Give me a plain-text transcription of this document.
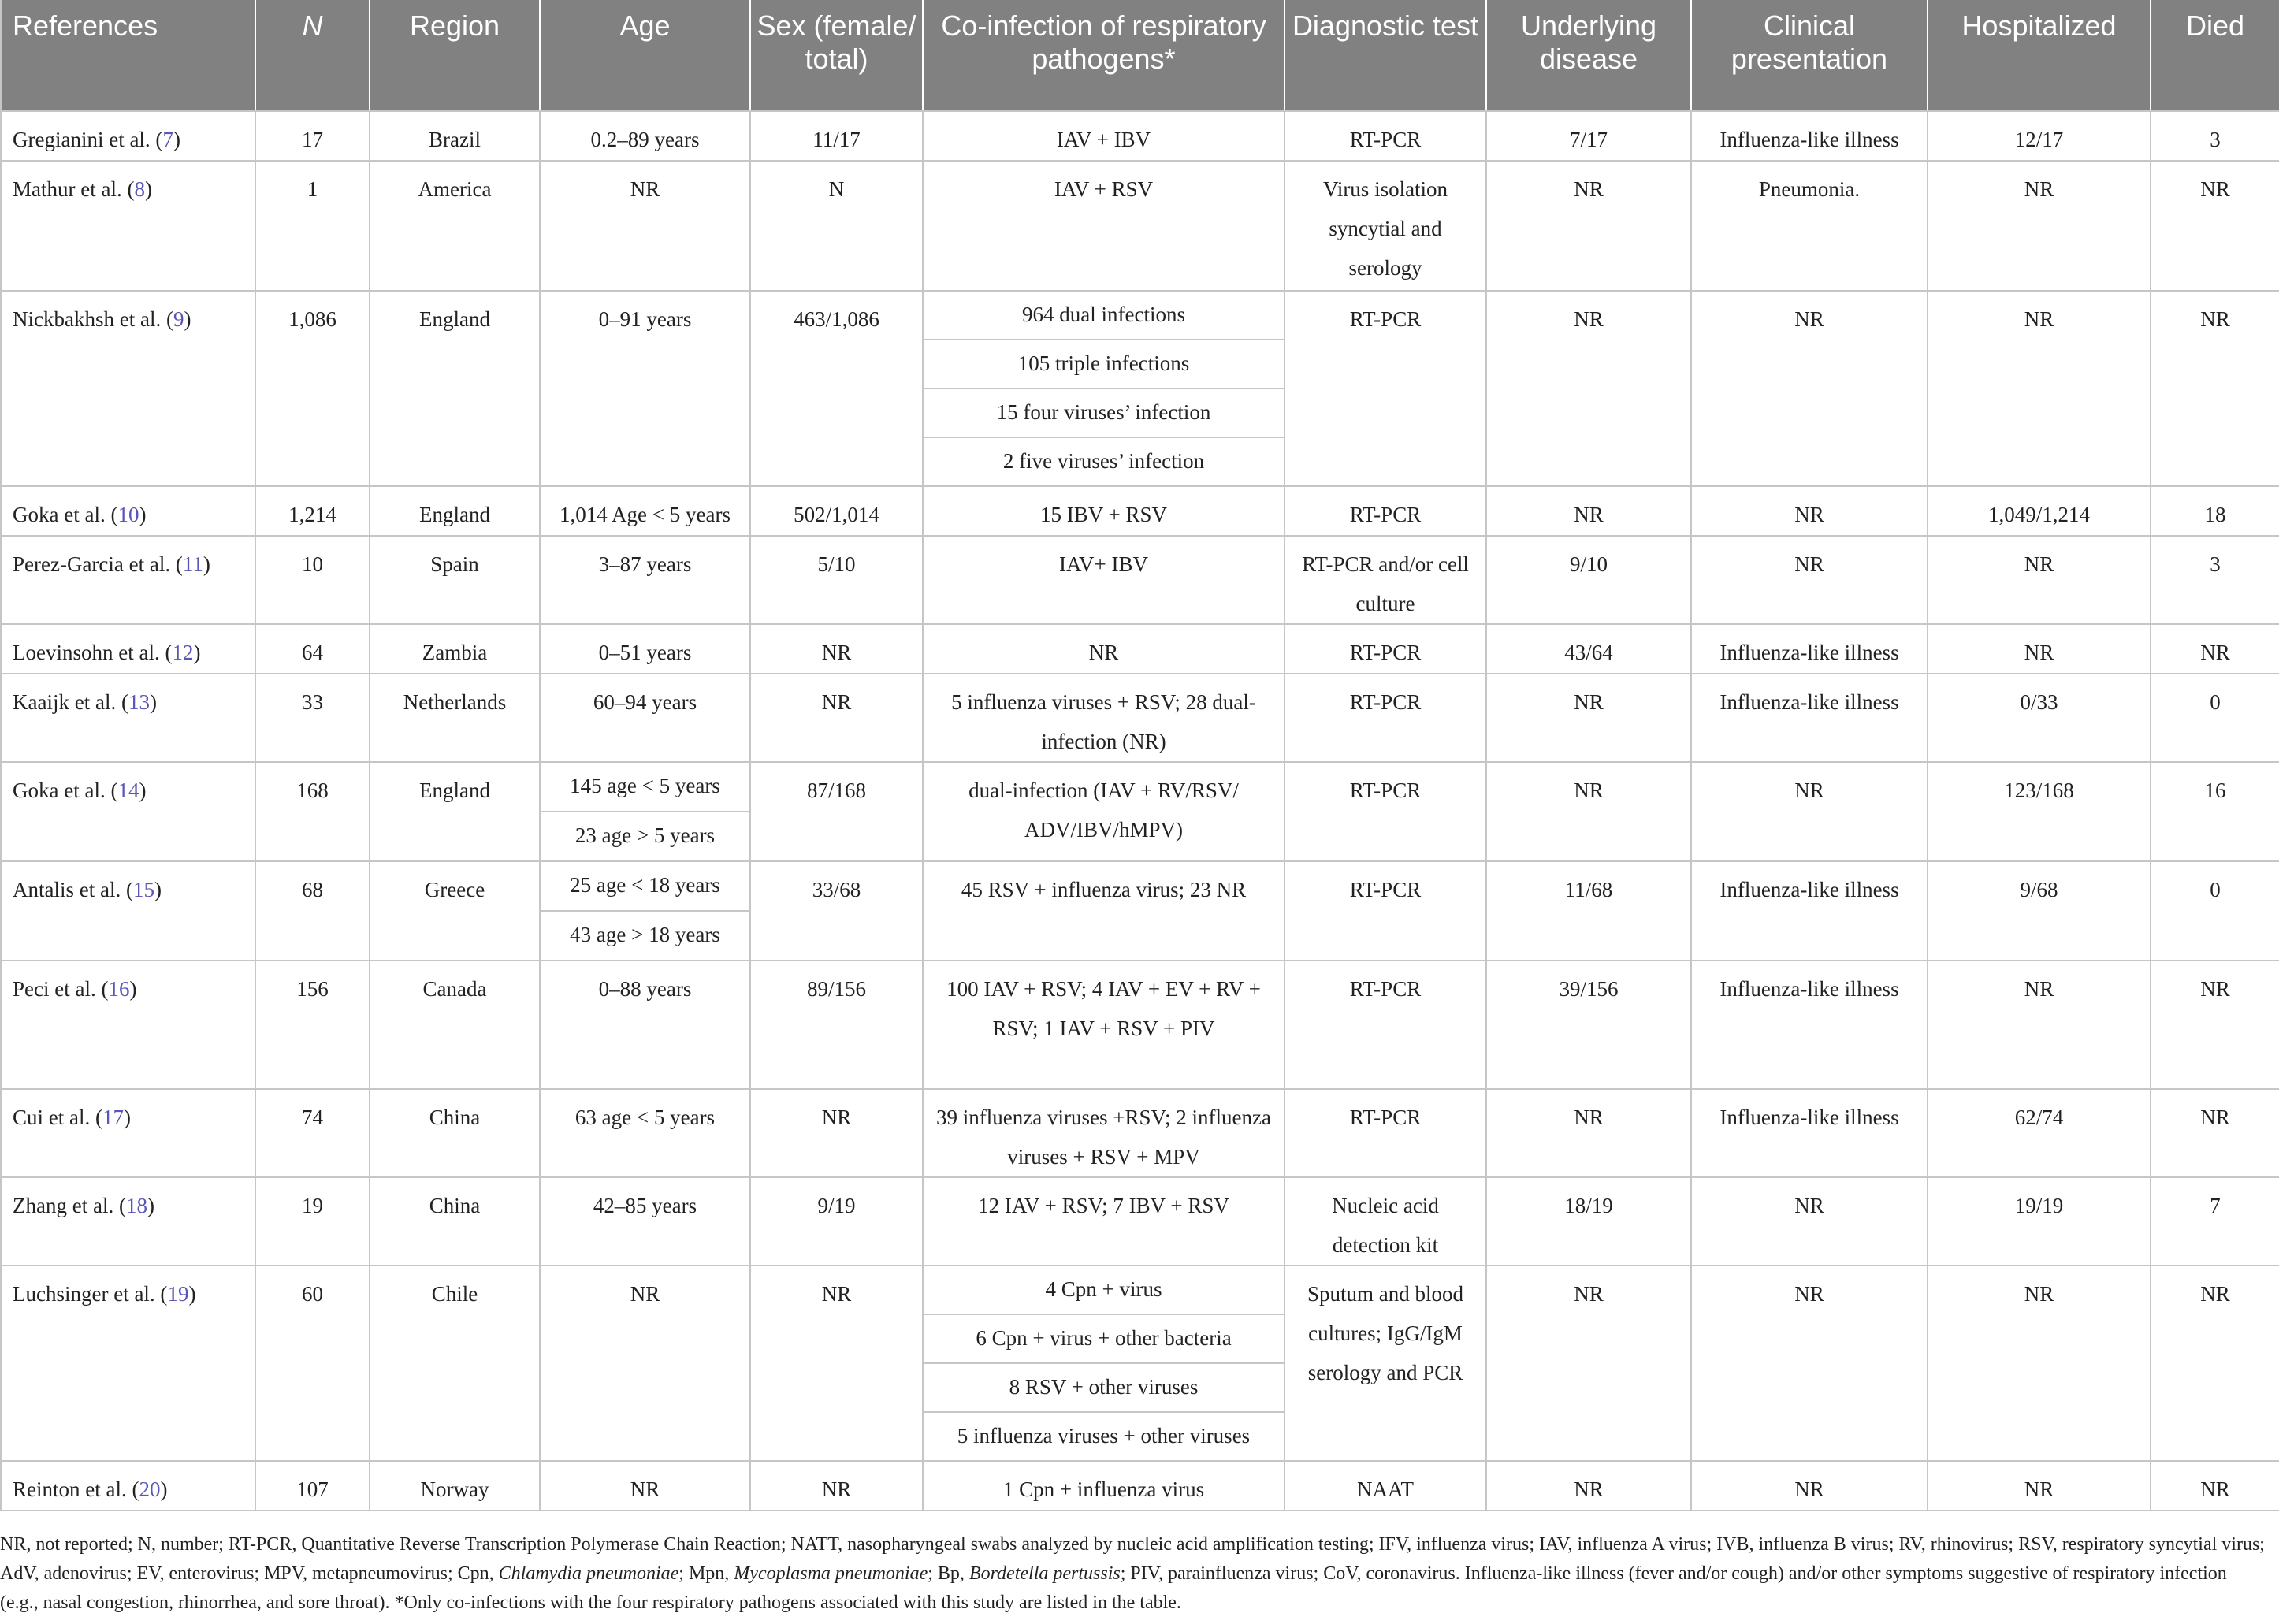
References	N	Region	Age	Sex (female/ total)	Co-infection of respiratory pathogens*	Diagnostic test	Underlying disease	Clinical presentation	Hospitalized	Died
Gregianini et al. (7)	17	Brazil	0.2–89 years	11/17	IAV + IBV	RT-PCR	7/17	Influenza-like illness	12/17	3
Mathur et al. (8)	1	America	NR	N	IAV + RSV	Virus isolation syncytial and serology	NR	Pneumonia.	NR	NR
Nickbakhsh et al. (9)	1,086	England	0–91 years	463/1,086	964 dual infections	RT-PCR	NR	NR	NR	NR
					105 triple infections					
					15 four viruses’ infection					
					2 five viruses’ infection					
Goka et al. (10)	1,214	England	1,014 Age < 5 years	502/1,014	15 IBV + RSV	RT-PCR	NR	NR	1,049/1,214	18
Perez-Garcia et al. (11)	10	Spain	3–87 years	5/10	IAV+ IBV	RT-PCR and/or cell culture	9/10	NR	NR	3
Loevinsohn et al. (12)	64	Zambia	0–51 years	NR	NR	RT-PCR	43/64	Influenza-like illness	NR	NR
Kaaijk et al. (13)	33	Netherlands	60–94 years	NR	5 influenza viruses + RSV; 28 dual-infection (NR)	RT-PCR	NR	Influenza-like illness	0/33	0
Goka et al. (14)	168	England	145 age < 5 years	87/168	dual-infection (IAV + RV/RSV/ ADV/IBV/hMPV)	RT-PCR	NR	NR	123/168	16
			23 age > 5 years							
Antalis et al. (15)	68	Greece	25 age < 18 years	33/68	45 RSV + influenza virus; 23 NR	RT-PCR	11/68	Influenza-like illness	9/68	0
			43 age > 18 years							
Peci et al. (16)	156	Canada	0–88 years	89/156	100 IAV + RSV; 4 IAV + EV + RV + RSV; 1 IAV + RSV + PIV	RT-PCR	39/156	Influenza-like illness	NR	NR
Cui et al. (17)	74	China	63 age < 5 years	NR	39 influenza viruses +RSV; 2 influenza viruses + RSV + MPV	RT-PCR	NR	Influenza-like illness	62/74	NR
Zhang et al. (18)	19	China	42–85 years	9/19	12 IAV + RSV; 7 IBV + RSV	Nucleic acid detection kit	18/19	NR	19/19	7
Luchsinger et al. (19)	60	Chile	NR	NR	4 Cpn + virus	Sputum and blood cultures; IgG/IgM serology and PCR	NR	NR	NR	NR
					6 Cpn + virus + other bacteria					
					8 RSV + other viruses					
					5 influenza viruses + other viruses					
Reinton et al. (20)	107	Norway	NR	NR	1 Cpn + influenza virus	NAAT	NR	NR	NR	NR
NR, not reported; N, number; RT-PCR, Quantitative Reverse Transcription Polymerase Chain Reaction; NATT, nasopharyngeal swabs analyzed by nucleic acid amplification testing; IFV, influenza virus; IAV, influenza A virus; IVB, influenza B virus; RV, rhinovirus; RSV, respiratory syncytial virus; AdV, adenovirus; EV, enterovirus; MPV, metapneumovirus; Cpn, Chlamydia pneumoniae; Mpn, Mycoplasma pneumoniae; Bp, Bordetella pertussis; PIV, parainfluenza virus; CoV, coronavirus. Influenza-like illness (fever and/or cough) and/or other symptoms suggestive of respiratory infection (e.g., nasal congestion, rhinorrhea, and sore throat). *Only co-infections with the four respiratory pathogens associated with this study are listed in the table.
